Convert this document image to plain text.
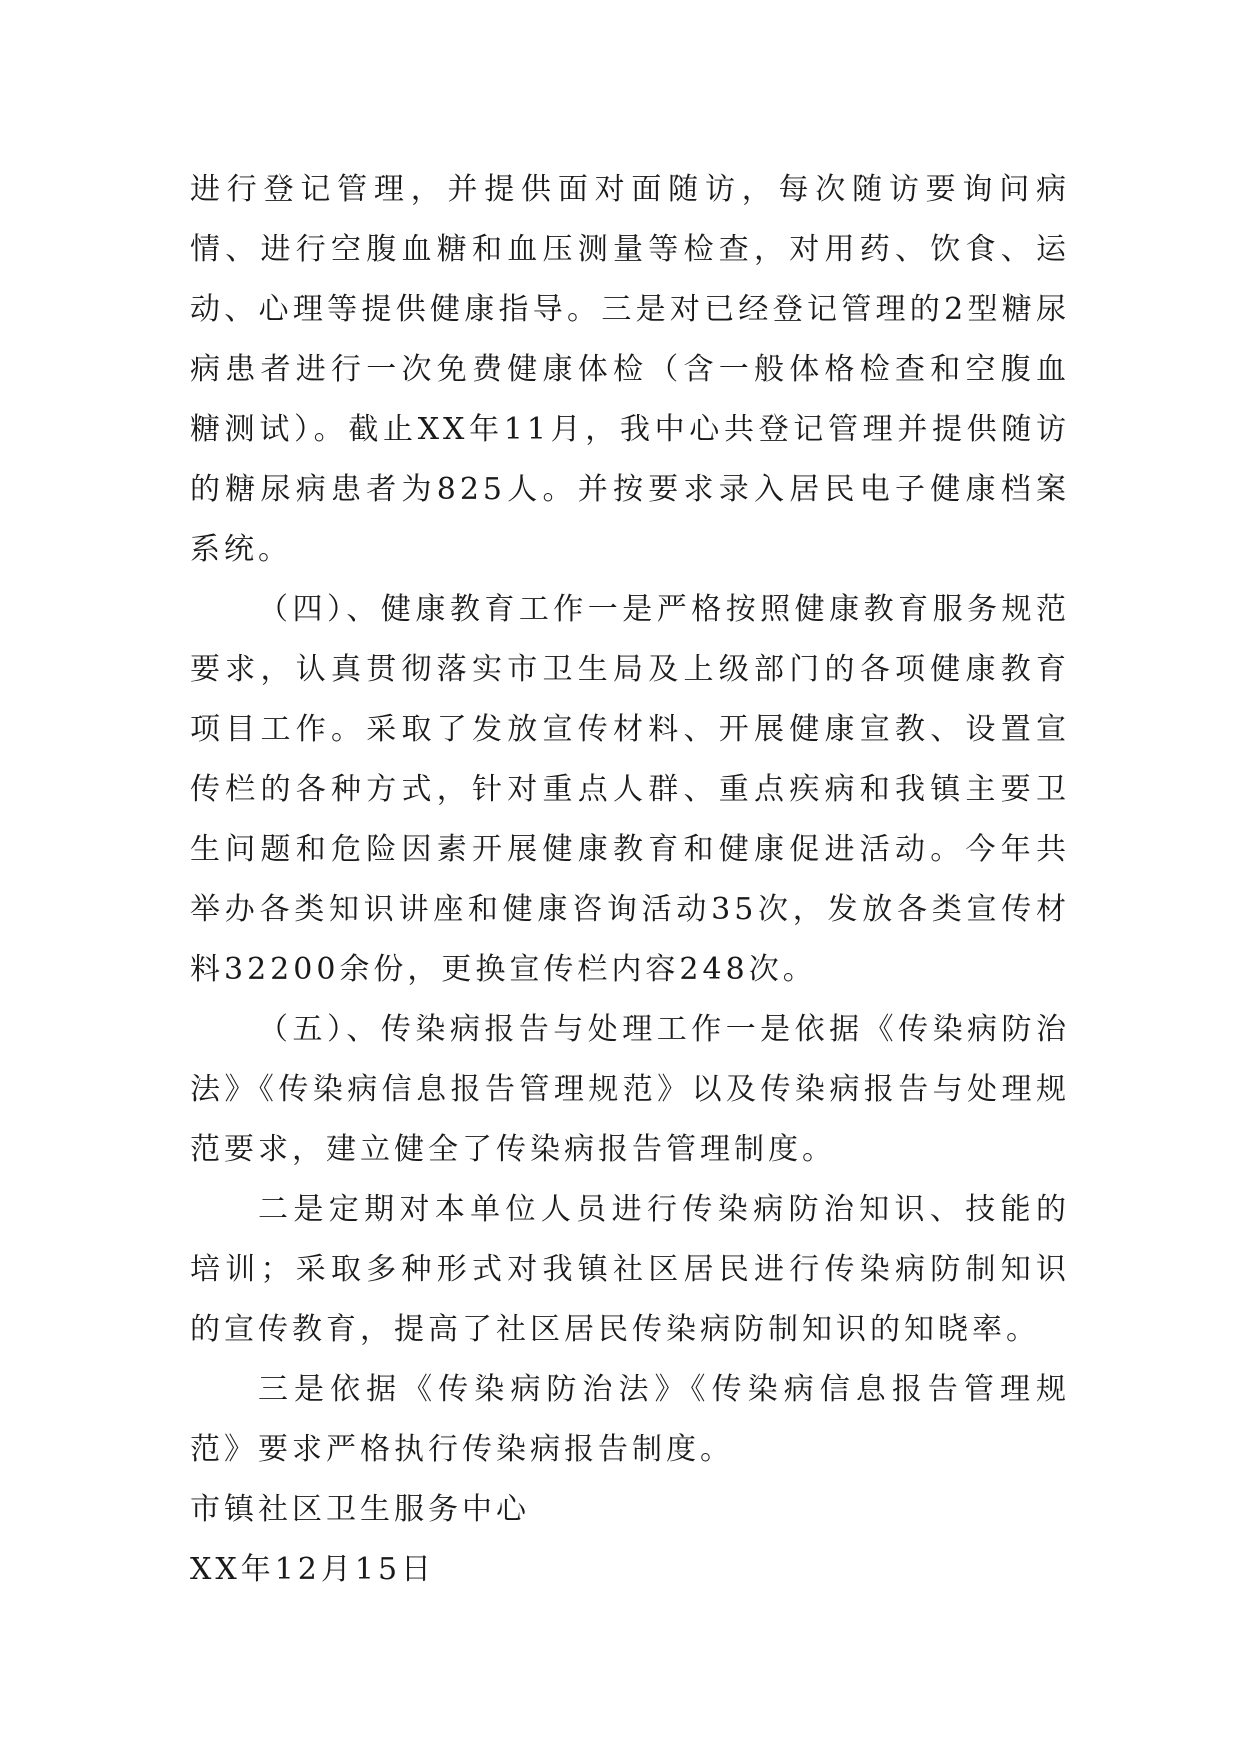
进行登记管理，并提供面对面随访，每次随访要询问病情、进行空腹血糖和血压测量等检查，对用药、饮食、运动、心理等提供健康指导。三是对已经登记管理的2型糖尿病患者进行一次免费健康体检（含一般体格检查和空腹血糖测试）。截止XX年11月，我中心共登记管理并提供随访的糖尿病患者为825人。并按要求录入居民电子健康档案系统。

（四）、健康教育工作一是严格按照健康教育服务规范要求，认真贯彻落实市卫生局及上级部门的各项健康教育项目工作。采取了发放宣传材料、开展健康宣教、设置宣传栏的各种方式，针对重点人群、重点疾病和我镇主要卫生问题和危险因素开展健康教育和健康促进活动。今年共举办各类知识讲座和健康咨询活动35次，发放各类宣传材料32200余份，更换宣传栏内容248次。

（五）、传染病报告与处理工作一是依据《传染病防治法》《传染病信息报告管理规范》以及传染病报告与处理规范要求，建立健全了传染病报告管理制度。

二是定期对本单位人员进行传染病防治知识、技能的培训；采取多种形式对我镇社区居民进行传染病防制知识的宣传教育，提高了社区居民传染病防制知识的知晓率。

三是依据《传染病防治法》《传染病信息报告管理规范》要求严格执行传染病报告制度。

市镇社区卫生服务中心

XX年12月15日
